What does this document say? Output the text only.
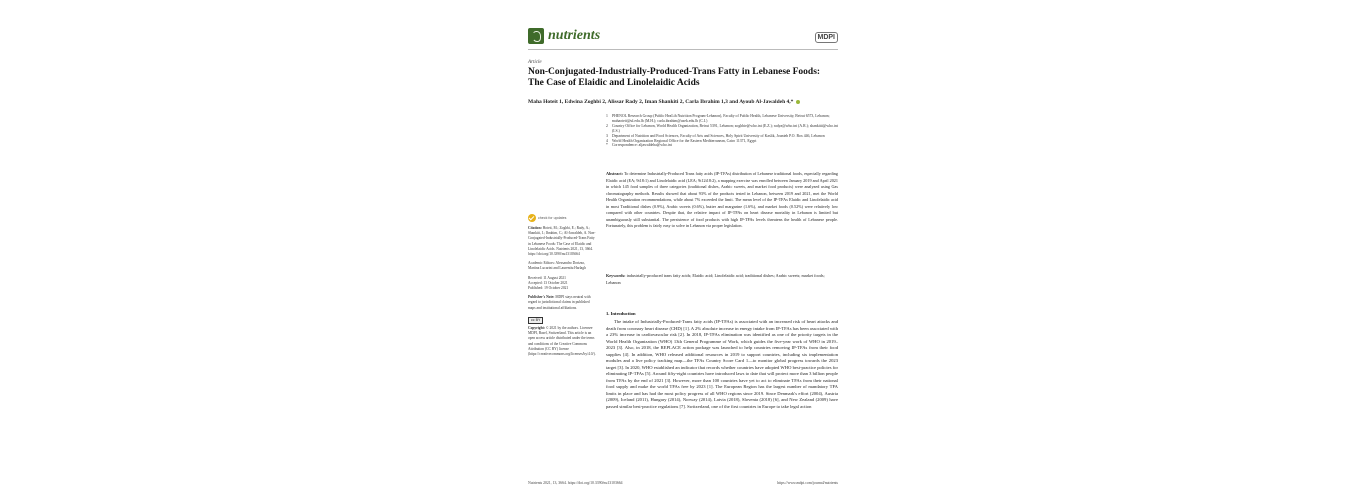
nutrients	MDPI
Article
Non-Conjugated-Industrially-Produced-Trans Fatty in Lebanese Foods: The Case of Elaidic and Linolelaidic Acids
Maha Hoteit 1, Edwina Zoghbi 2, Alissar Rady 2, Iman Shankiti 2, Carla Ibrahim 1,3 and Ayoub Al-Jawaldeh 4,*
1	PHENOL Research Group (Public HeaLth Nutrition Program-Lebanon), Faculty of Public Health, Lebanese University, Beirut 6573, Lebanon; mahaoteit@ul.edu.lb (M.H.); carla.ibrahim@usek.edu.lb (C.I.)
2	Country Office for Lebanon, World Health Organization, Beirut 5391, Lebanon; zoghbie@who.int (E.Z.); radya@who.int (A.R.); shankitii@who.int (I.S.)
3	Department of Nutrition and Food Sciences, Faculty of Arts and Sciences, Holy Spirit University of Kaslik, Jounieh P.O. Box 446, Lebanon
4	World Health Organization Regional Office for the Eastern Mediterranean, Cairo 11371, Egypt
*	Correspondence: aljawaldeha@who.int
check for updates
Citation: Hoteit, M.; Zoghbi, E.; Rady, A.; Shankiti, I.; Ibrahim, C.; Al-Jawaldeh, A. Non-Conjugated-Industrially-Produced-Trans Fatty in Lebanese Foods: The Case of Elaidic and Linolelaidic Acids. Nutrients 2021, 13, 3664. https://doi.org/10.3390/nu13103664
Academic Editors: Alessandro Dorizzo, Martina Lucarini and Laurentiu Harlagh
Received: 11 August 2021
Accepted: 13 October 2021
Published: 19 October 2021
Publisher's Note: MDPI stays neutral with regard to jurisdictional claims in published maps and institutional affiliations.
cc BY
Copyright: © 2021 by the authors. Licensee MDPI, Basel, Switzerland. This article is an open access article distributed under the terms and conditions of the Creative Commons Attribution (CC BY) license (https://creativecommons.org/licenses/by/4.0/).
Abstract: To determine Industrially-Produced Trans fatty acids (IP-TFAs) distribution of Lebanese traditional foods, especially regarding Elaidic acid (EA; 9t18:1) and Linolelaidic acid (LEA; 9t12t18:2), a mapping exercise was enrolled between January 2019 and April 2021 in which 145 food samples of three categories (traditional dishes, Arabic sweets, and market food products) were analyzed using Gas chromatography methods. Results showed that about 93% of the products tested in Lebanon, between 2019 and 2021, met the World Health Organization recommendations, while about 7% exceeded the limit. The mean level of the IP-TFAs Elaidic and Linolelaidic acid in most Traditional dishes (0.9%), Arabic sweets (0.6%), butter and margarine (1.6%), and market foods (0.52%) were relatively low compared with other countries. Despite that, the relative impact of IP-TFAs on heart disease mortality in Lebanon is limited but unambiguously still substantial. The persistence of food products with high IP-TFAs levels threatens the health of Lebanese people. Fortunately, this problem is fairly easy to solve in Lebanon via proper legislation.
Keywords: industrially-produced trans fatty acids; Elaidic acid; Linolelaidic acid; traditional dishes; Arabic sweets; market foods; Lebanon
1. Introduction
The intake of Industrially-Produced-Trans fatty acids (IP-TFAs) is associated with an increased risk of heart attacks and death from coronary heart disease (CHD) [1]. A 2% absolute increase in energy intake from IP-TFAs has been associated with a 23% increase in cardiovascular risk [2]. In 2018, IP-TFAs elimination was identified as one of the priority targets in the World Health Organization (WHO) 13th General Programme of Work, which guides the five-year work of WHO in 2019–2023 [3]. Also, in 2018, the REPLACE action package was launched to help countries removing IP-TFAs from their food supplies [4]. In addition, WHO released additional resources in 2019 to support countries, including six implementation modules and a live policy tracking map—the TFAs Country Score Card 1—to monitor global progress towards the 2023 target [3]. In 2020, WHO established an indicator that records whether countries have adopted WHO best-practice policies for eliminating IP-TFAs [5]. Around fifty-eight countries have introduced laws to date that will protect more than 3 billion people from TFAs by the end of 2021 [3]. However, more than 100 countries have yet to act to eliminate TFAs from their national food supply and make the world TFAs free by 2023 [1]. The European Region has the largest number of mandatory TFA limits in place and has had the most policy progress of all WHO regions since 2019. Since Denmark's effort (2004), Austria (2009), Iceland (2011), Hungary (2014), Norway (2014), Latvia (2018), Slovenia (2018) [6], and New Zealand (2009) have passed similar best-practice regulations [7]. Switzerland, one of the first countries in Europe to take legal action
Nutrients 2021, 13, 3664. https://doi.org/10.3390/nu13103664	https://www.mdpi.com/journal/nutrients
